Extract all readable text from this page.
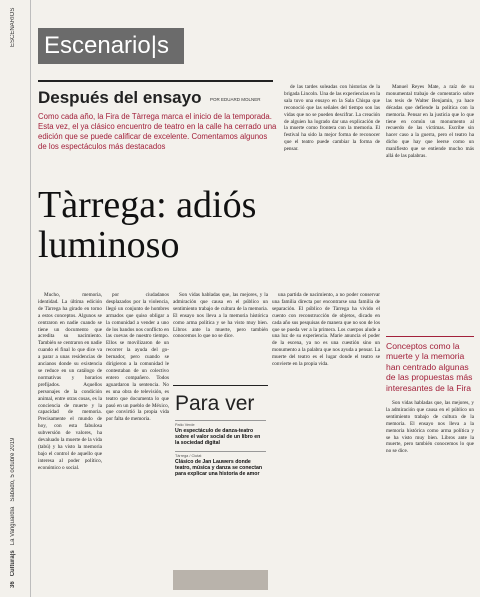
36   Cultura|s   La Vanguardia   Sábado, 5 octubre 2019
ESCENARIOS Escenario|s
Después del ensayo	POR EDUARD MOLNER
Como cada año, la Fira de Tàrrega marca el inicio de la temporada. Esta vez, el ya clásico encuentro de teatro en la calle ha cerrado una edición que se puede calificar de excelente. Comentamos algunos de los espectáculos más destacados
Tàrrega: adiós luminoso

Mucho, memoria, identidad. La última edición de Tàrrega ha girado en torno a estos conceptos. Algunos se centraron en nadie cuando se tiene un documento que acredita su nacimiento. También se centraron en nadie cuando el final lo que dice va a parar a unas residencias de ancianos donde su existencia se reduce en un catálogo de normativas y horarios prefijados. Aquellos personajes de la condición animal, entre otras cosas, es la conciencia de muerte y la capacidad de memoria. Precisamente el mundo de hoy, con esta fabulosa subversión de valores, ha devaluado la muerte de la vida (tabú) y ha visto la memoria bajo el control de aquello que interesa al poder político, económico o social.

por ciudadanos desplazados por la violencia, llegó un conjunto de hombres armados que quiso obligar a la comunidad a vender a uno de los bandos nos conflicto en las cuevas de nuestro tiempo. Ellos se movilizaron de un recorrer la ayuda del gobernador, pero cuando se dirigieron a la comunidad le contestaban de un colectivo entero compañero. Todos aguardaron la sentencia. No es una obra de televisión, es teatro que documenta lo que pasó en un pueblo de México, que convirtió la propia vida por falta de memoria.

Son vidas habladas que, las mejores, y la admiración que causa en el público un sentimiento trabajo de cultura de la memoria. El ensayo nos lleva a la memoria histórica como arma política y se ha visto muy bien. Libros ante la muerte, pero también conocemos lo que no se dice.

una partida de nacimiento, a no poder conservar una familia directa por encontrarse una familia de separación. El público de Tàrrega ha vivido el cuento con reconstrucción de objetos, dicado en cada año sus pesquisas de manera que no son de los que se pueda ver a la primera. Los cuerpos alude a una luz de su experiencia. Marie anuncia el poder de la escena, ya no es una cuestión sino un monumento a la palabra que nos ayuda a pensar. La muerte del teatro es el lugar donde el teatro se convierte en la propia vida.

de las tardes soleadas con historias de la brigada Lincoln. Una de las experiencias en la sala tuvo una ensayo en la Sala Chispa que reconoció que las señales del tiempo son las vidas que no se pueden descifrar. La creación de alguien ha logrado dar una explicación de la muerte como frontera con la memoria. El festival ha sido la mejor forma de reconocer que el teatro puede cambiar la forma de pensar.

Manuel Reyes Mate, a raíz de su monumental trabajo de comentario sobre las tesis de Walter Benjamin, ya hace décadas que defiende la política con la memoria. Pensar en la justicia que lo que tiene en común un monumento al recuerdo de las víctimas. Escribe sin hacer caso a la guerra, pero el teatro ha dicho que hay que leerse como un manifiesto que se entiende mucho más allá de las palabras.

Son vidas habladas que, las mejores, y la admiración que causa en el público un sentimiento trabajo de cultura de la memoria. El ensayo nos lleva a la memoria histórica como arma política y se ha visto muy bien. Libros ante la muerte, pero también conocemos lo que no se dice.

Conceptos como la muerte y la memoria han centrado algunas de las propuestas más interesantes de la Fira
Para ver
Patio Verde
Un espectáculo de danza-teatro sobre el valor social de un libro en la sociedad digital
Tàrrega / Ciutat
Clásico de Jan Lauwers donde teatro, música y danza se conectan para explicar una historia de amor
